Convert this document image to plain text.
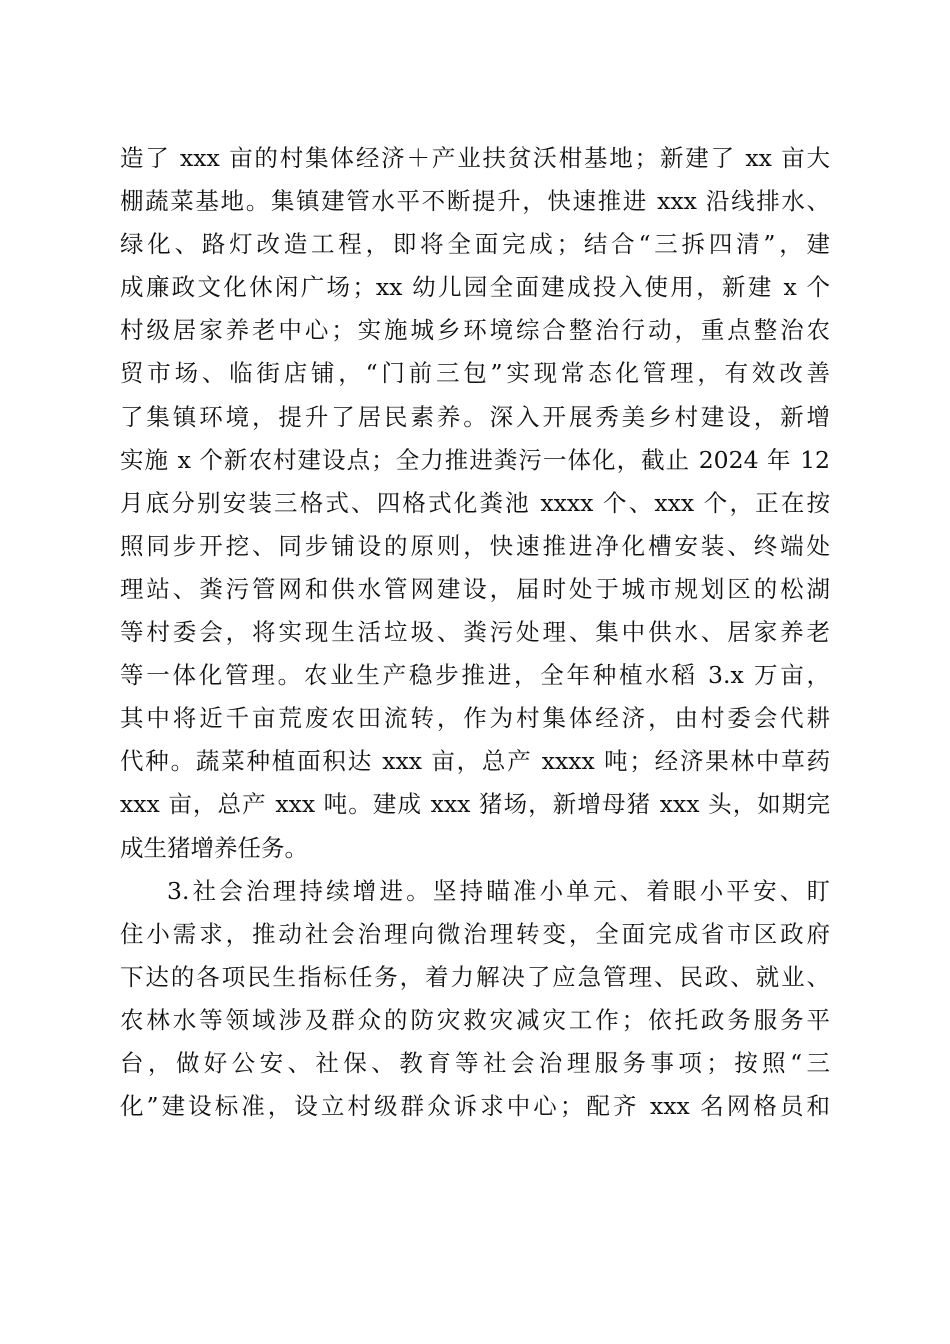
造了 xxx 亩的村集体经济＋产业扶贫沃柑基地；新建了 xx 亩大
棚蔬菜基地。集镇建管水平不断提升，快速推进 xxx 沿线排水、
绿化、路灯改造工程，即将全面完成；结合“三拆四清”，建
成廉政文化休闲广场；xx 幼儿园全面建成投入使用，新建 x 个
村级居家养老中心；实施城乡环境综合整治行动，重点整治农
贸市场、临街店铺，“门前三包”实现常态化管理，有效改善
了集镇环境，提升了居民素养。深入开展秀美乡村建设，新增
实施 x 个新农村建设点；全力推进粪污一体化，截止 2024 年 12
月底分别安装三格式、四格式化粪池 xxxx 个、xxx 个，正在按
照同步开挖、同步铺设的原则，快速推进净化槽安装、终端处
理站、粪污管网和供水管网建设，届时处于城市规划区的松湖
等村委会，将实现生活垃圾、粪污处理、集中供水、居家养老
等一体化管理。农业生产稳步推进，全年种植水稻 3.x 万亩，
其中将近千亩荒废农田流转，作为村集体经济，由村委会代耕
代种。蔬菜种植面积达 xxx 亩，总产 xxxx 吨；经济果林中草药
xxx 亩，总产 xxx 吨。建成 xxx 猪场，新增母猪 xxx 头，如期完
成生猪增养任务。
3.社会治理持续增进。坚持瞄准小单元、着眼小平安、盯
住小需求，推动社会治理向微治理转变，全面完成省市区政府
下达的各项民生指标任务，着力解决了应急管理、民政、就业、
农林水等领域涉及群众的防灾救灾减灾工作；依托政务服务平
台，做好公安、社保、教育等社会治理服务事项；按照“三
化”建设标准，设立村级群众诉求中心；配齐 xxx 名网格员和
